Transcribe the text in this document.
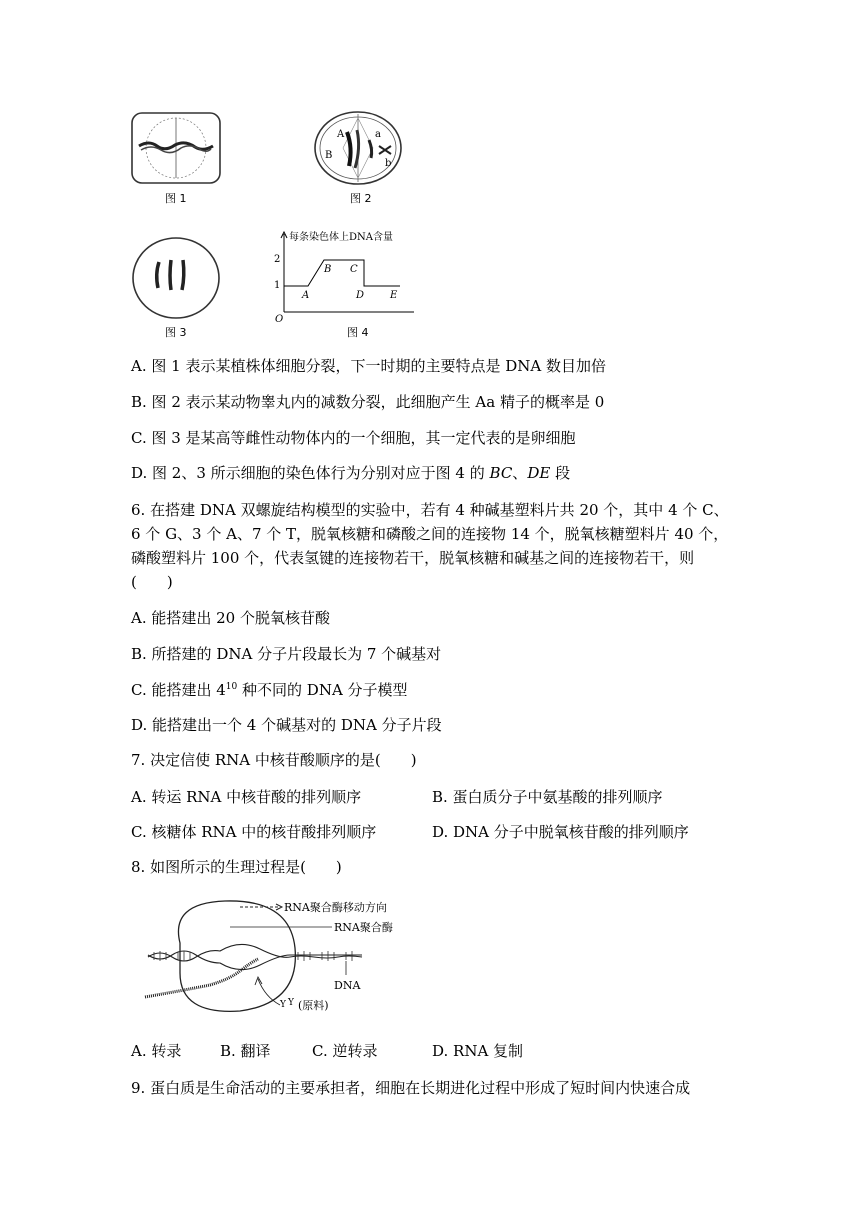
图 1
A	a
B
b
图 2
图 3
每条染色体上DNA含量
O
1
2
A
B C
D	E
图 4
A. 图 1 表示某植株体细胞分裂，下一时期的主要特点是 DNA 数目加倍
B. 图 2 表示某动物睾丸内的减数分裂，此细胞产生 Aa 精子的概率是 0
C. 图 3 是某高等雌性动物体内的一个细胞，其一定代表的是卵细胞
D. 图 2、3 所示细胞的染色体行为分别对应于图 4 的 BC、DE 段
6. 在搭建 DNA 双螺旋结构模型的实验中，若有 4 种碱基塑料片共 20 个，其中 4 个 C、
6 个 G、3 个 A、7 个 T，脱氧核糖和磷酸之间的连接物 14 个，脱氧核糖塑料片 40 个，
磷酸塑料片 100 个，代表氢键的连接物若干，脱氧核糖和碱基之间的连接物若干，则
(　　)
A. 能搭建出 20 个脱氧核苷酸
B. 所搭建的 DNA 分子片段最长为 7 个碱基对
C. 能搭建出 $4^{10}$ 种不同的 DNA 分子模型
D. 能搭建出一个 4 个碱基对的 DNA 分子片段
7. 决定信使 RNA 中核苷酸顺序的是(　　)
A. 转运 RNA 中核苷酸的排列顺序	B. 蛋白质分子中氨基酸的排列顺序
C. 核糖体 RNA 中的核苷酸排列顺序	D. DNA 分子中脱氧核苷酸的排列顺序
8. 如图所示的生理过程是(　　)
RNA聚合酶移动方向
RNA聚合酶
DNA
Y Y (原料)
A. 转录	B. 翻译	C. 逆转录	D. RNA 复制
9. 蛋白质是生命活动的主要承担者，细胞在长期进化过程中形成了短时间内快速合成
